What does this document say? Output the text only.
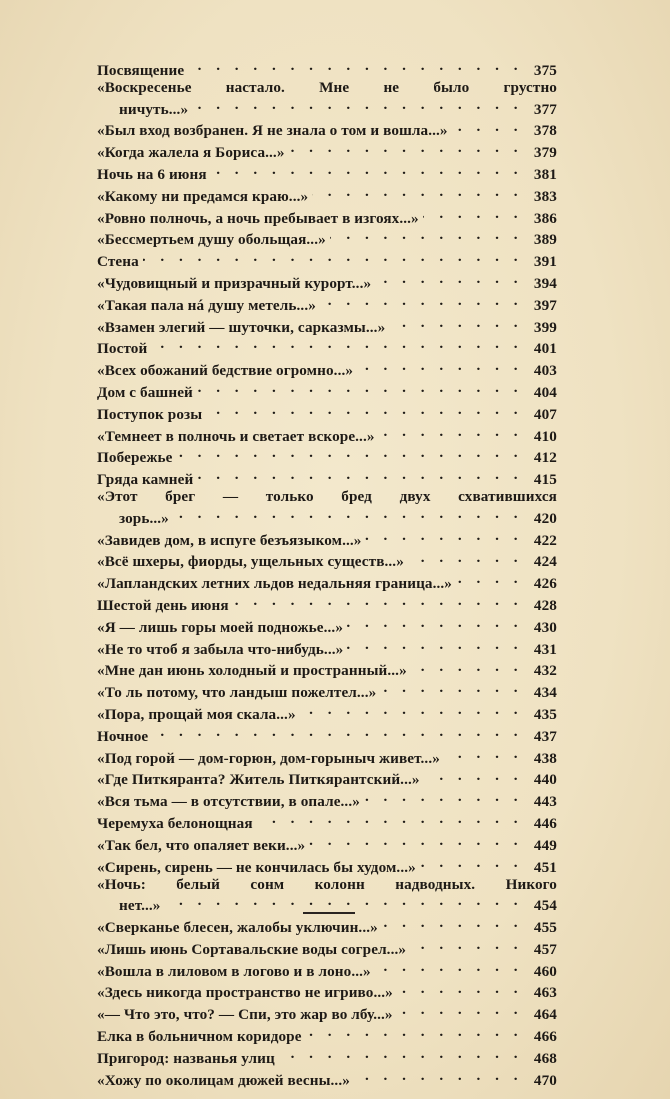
Посвящение . . .	375
«Воскресенье настало. Мне не было грустно
ничуть...» . . .	377
«Был вход возбранен. Я не знала о том и вошла...» . . .	378
«Когда жалела я Бориса...» . . .	379
Ночь на 6 июня . . .	381
«Какому ни предамся краю...» . . .	383
«Ровно полночь, а ночь пребывает в изгоях...» . . .	386
«Бессмертьем душу обольщая...» . . .	389
Стена . . .	391
«Чудовищный и призрачный курорт...» . . .	394
«Такая пала нá душу метель...» . . .	397
«Взамен элегий — шуточки, сарказмы...» . . .	399
Постой . . .	401
«Всех обожаний бедствие огромно...» . . .	403
Дом с башней . . .	404
Поступок розы . . .	407
«Темнеет в полночь и светает вскоре...» . . .	410
Побережье . . .	412
Гряда камней . . .	415
«Этот брег — только бред двух схватившихся
зорь...» . . .	420
«Завидев дом, в испуге безъязыком...» . . .	422
«Всё шхеры, фиорды, ущельных существ...» . . .	424
«Лапландских летних льдов недальняя граница...» . . .	426
Шестой день июня . . .	428
«Я — лишь горы моей подножье...» . . .	430
«Не то чтоб я забыла что-нибудь...» . . .	431
«Мне дан июнь холодный и пространный...» . . .	432
«То ль потому, что ландыш пожелтел...» . . .	434
«Пора, прощай моя скала...» . . .	435
Ночное . . .	437
«Под горой — дом-горюн, дом-горыныч живет...» . . .	438
«Где Питкяранта? Житель Питкярантский...» . . .	440
«Вся тьма — в отсутствии, в опале...» . . .	443
Черемуха белонощная . . .	446
«Так бел, что опаляет веки...» . . .	449
«Сирень, сирень — не кончилась бы худом...» . . .	451
«Ночь: белый сонм колонн надводных. Никого
нет...» . . .	454
«Сверканье блесен, жалобы уключин...» . . .	455
«Лишь июнь Сортавальские воды согрел...» . . .	457
«Вошла в лиловом в логово и в лоно...» . . .	460
«Здесь никогда пространство не игриво...» . . .	463
«— Что это, что? — Спи, это жар во лбу...» . . .	464
Елка в больничном коридоре . . .	466
Пригород: названья улиц . . .	468
«Хожу по околицам дюжей весны...» . . .	470
